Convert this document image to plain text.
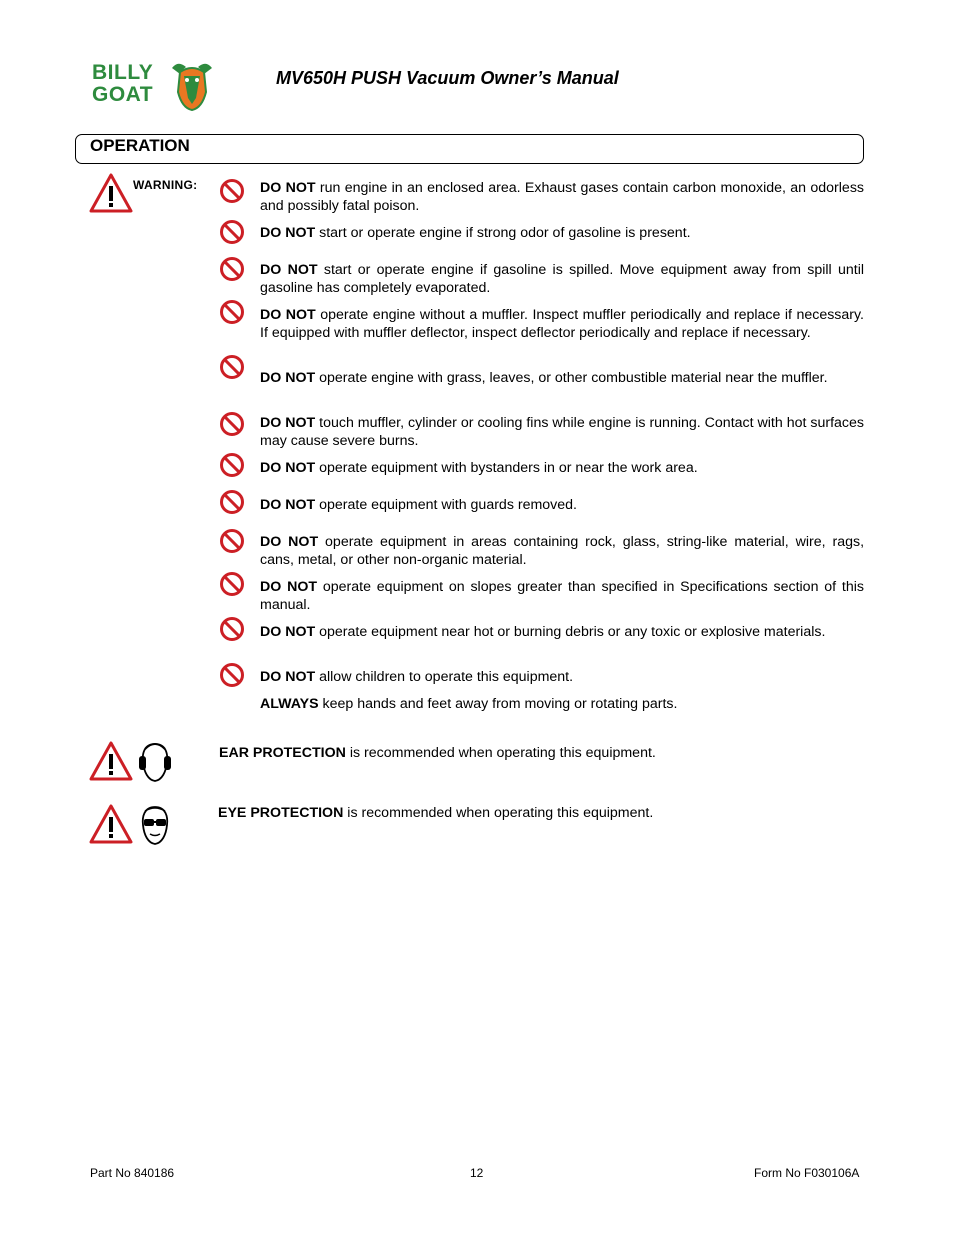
BILLY
GOAT
MV650H PUSH Vacuum Owner’s Manual
OPERATION
WARNING:	DO NOT run engine in an enclosed area. Exhaust gases contain carbon monoxide, an odorless and possibly fatal poison.
DO NOT start or operate engine if strong odor of gasoline is present.
DO NOT start or operate engine if gasoline is spilled. Move equipment away from spill until gasoline has completely evaporated.
DO NOT operate engine without a muffler. Inspect muffler periodically and replace if necessary. If equipped with muffler deflector, inspect deflector periodically and replace if necessary.
DO NOT operate engine with grass, leaves, or other combustible material near the muffler.
DO NOT touch muffler, cylinder or cooling fins while engine is running. Contact with hot surfaces may cause severe burns.
DO NOT operate equipment with bystanders in or near the work area.
DO NOT operate equipment with guards removed.
DO NOT operate equipment in areas containing rock, glass, string-like material, wire, rags, cans, metal, or other non-organic material.
DO NOT operate equipment on slopes greater than specified in Specifications section of this manual.
DO NOT operate equipment near hot or burning debris or any toxic or explosive materials.
DO NOT allow children to operate this equipment.
ALWAYS keep hands and feet away from moving or rotating parts.
EAR PROTECTION is recommended when operating this equipment.
EYE PROTECTION is recommended when operating this equipment.
Part No 840186	12	Form No F030106A
